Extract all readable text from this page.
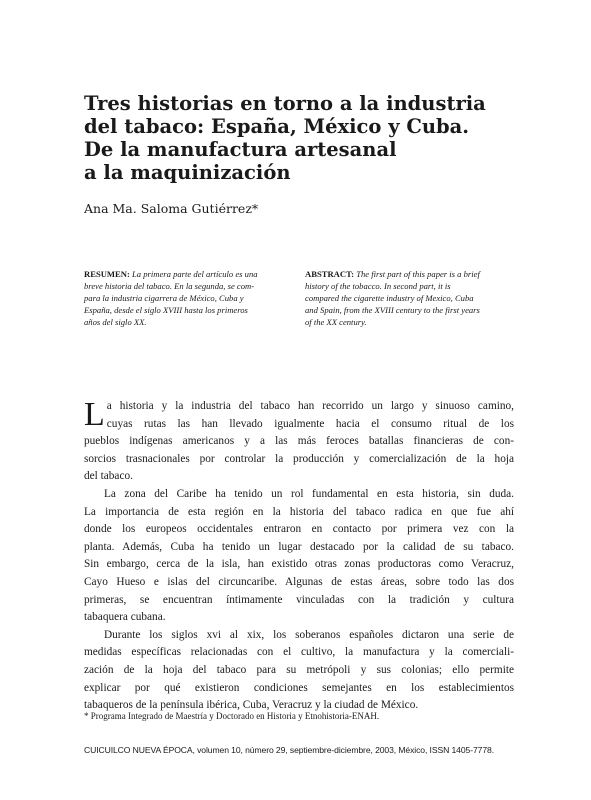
Tres historias en torno a la industria
del tabaco: España, México y Cuba.
De la manufactura artesanal
a la maquinización
Ana Ma. Saloma Gutiérrez*
RESUMEN: La primera parte del artículo es una
breve historia del tabaco. En la segunda, se com-
para la industria cigarrera de México, Cuba y
España, desde el siglo XVIII hasta los primeros
años del siglo XX.
ABSTRACT: The first part of this paper is a brief
history of the tobacco. In second part, it is
compared the cigarette industry of Mexico, Cuba
and Spain, from the XVIII century to the first years
of the XX century.

L a historia y la industria del tabaco han recorrido un largo y sinuoso camino,
cuyas rutas las han llevado igualmente hacia el consumo ritual de los
pueblos indígenas americanos y a las más feroces batallas financieras de con-
sorcios trasnacionales por controlar la producción y comercialización de la hoja
del tabaco.

La zona del Caribe ha tenido un rol fundamental en esta historia, sin duda.
La importancia de esta región en la historia del tabaco radica en que fue ahí
donde los europeos occidentales entraron en contacto por primera vez con la
planta. Además, Cuba ha tenido un lugar destacado por la calidad de su tabaco.
Sin embargo, cerca de la isla, han existido otras zonas productoras como Veracruz,
Cayo Hueso e islas del circuncaribe. Algunas de estas áreas, sobre todo las dos
primeras, se encuentran íntimamente vinculadas con la tradición y cultura
tabaquera cubana.

Durante los siglos xvi al xix, los soberanos españoles dictaron una serie de
medidas específicas relacionadas con el cultivo, la manufactura y la comerciali-
zación de la hoja del tabaco para su metrópoli y sus colonias; ello permite
explicar por qué existieron condiciones semejantes en los establecimientos
tabaqueros de la península ibérica, Cuba, Veracruz y la ciudad de México.

* Programa Integrado de Maestría y Doctorado en Historia y Etnohistoria-ENAH.
CUICUILCO NUEVA ÉPOCA, volumen 10, número 29, septiembre-diciembre, 2003, México, ISSN 1405-7778.
